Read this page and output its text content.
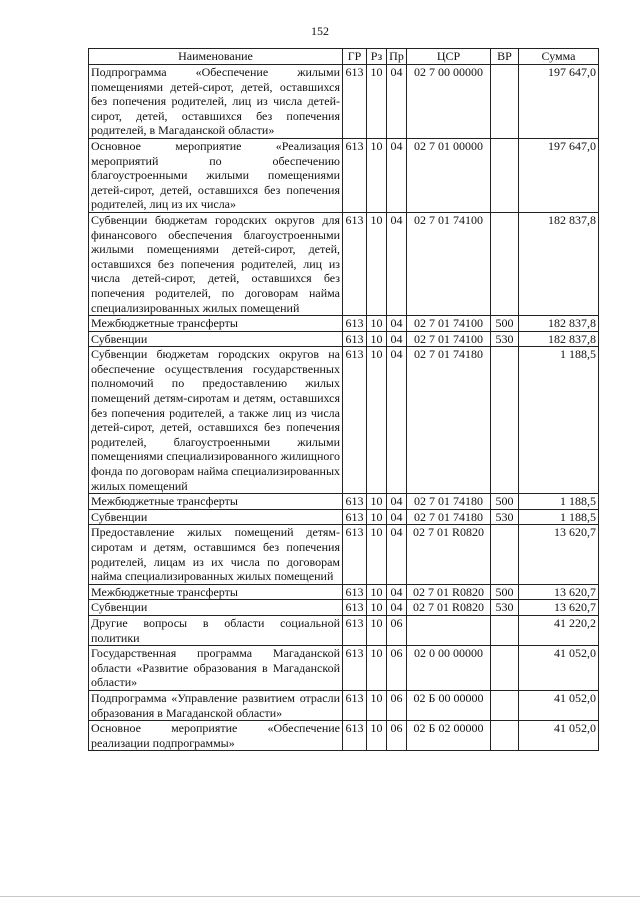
152
Наименование	ГР	Рз	Пр	ЦСР	ВР	Сумма
Подпрограмма «Обеспечение жилыми помещениями детей-сирот, детей, оставшихся без попечения родителей, лиц из числа детей-сирот, детей, оставшихся без попечения родителей, в Магаданской области»	613	10	04	02 7 00 00000		197 647,0
Основное мероприятие «Реализация мероприятий по обеспечению благоустроенными жилыми помещениями детей-сирот, детей, оставшихся без попечения родителей, лиц из их числа»	613	10	04	02 7 01 00000		197 647,0
Субвенции бюджетам городских округов для финансового обеспечения благоустроенными жилыми помещениями детей-сирот, детей, оставшихся без попечения родителей, лиц из числа детей-сирот, детей, оставшихся без попечения родителей, по договорам найма специализированных жилых помещений	613	10	04	02 7 01 74100		182 837,8
Межбюджетные трансферты	613	10	04	02 7 01 74100	500	182 837,8
Субвенции	613	10	04	02 7 01 74100	530	182 837,8
Субвенции бюджетам городских округов на обеспечение осуществления государственных полномочий по предоставлению жилых помещений детям-сиротам и детям, оставшихся без попечения родителей, а также лиц из числа детей-сирот, детей, оставшихся без попечения родителей, благоустроенными жилыми помещениями специализированного жилищного фонда по договорам найма специализированных жилых помещений	613	10	04	02 7 01 74180		1 188,5
Межбюджетные трансферты	613	10	04	02 7 01 74180	500	1 188,5
Субвенции	613	10	04	02 7 01 74180	530	1 188,5
Предоставление жилых помещений детям-сиротам и детям, оставшимся без попечения родителей, лицам из их числа по договорам найма специализированных жилых помещений	613	10	04	02 7 01 R0820		13 620,7
Межбюджетные трансферты	613	10	04	02 7 01 R0820	500	13 620,7
Субвенции	613	10	04	02 7 01 R0820	530	13 620,7
Другие вопросы в области социальной политики	613	10	06			41 220,2
Государственная программа Магаданской области «Развитие образования в Магаданской области»	613	10	06	02 0 00 00000		41 052,0
Подпрограмма «Управление развитием отрасли образования в Магаданской области»	613	10	06	02 Б 00 00000		41 052,0
Основное мероприятие «Обеспечение реализации подпрограммы»	613	10	06	02 Б 02 00000		41 052,0
